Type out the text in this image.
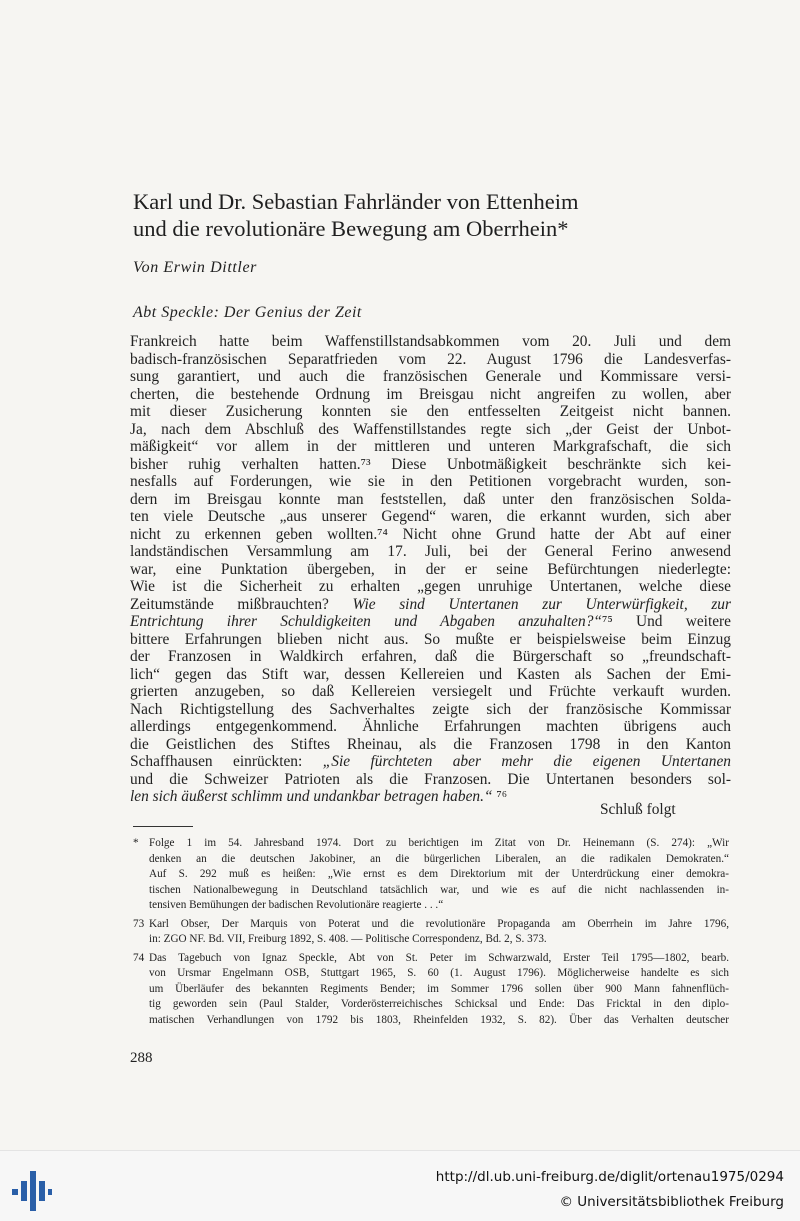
Karl und Dr. Sebastian Fahrländer von Ettenheim
und die revolutionäre Bewegung am Oberrhein*
Von Erwin Dittler
Abt Speckle: Der Genius der Zeit
Frankreich hatte beim Waffenstillstandsabkommen vom 20. Juli und dem
badisch-französischen Separatfrieden vom 22. August 1796 die Landesverfas-
sung garantiert, und auch die französischen Generale und Kommissare versi-
cherten, die bestehende Ordnung im Breisgau nicht angreifen zu wollen, aber
mit dieser Zusicherung konnten sie den entfesselten Zeitgeist nicht bannen.
Ja, nach dem Abschluß des Waffenstillstandes regte sich „der Geist der Unbot-
mäßigkeit“ vor allem in der mittleren und unteren Markgrafschaft, die sich
bisher ruhig verhalten hatten.⁷³ Diese Unbotmäßigkeit beschränkte sich kei-
nesfalls auf Forderungen, wie sie in den Petitionen vorgebracht wurden, son-
dern im Breisgau konnte man feststellen, daß unter den französischen Solda-
ten viele Deutsche „aus unserer Gegend“ waren, die erkannt wurden, sich aber
nicht zu erkennen geben wollten.⁷⁴ Nicht ohne Grund hatte der Abt auf einer
landständischen Versammlung am 17. Juli, bei der General Ferino anwesend
war, eine Punktation übergeben, in der er seine Befürchtungen niederlegte:
Wie ist die Sicherheit zu erhalten „gegen unruhige Untertanen, welche diese
Zeitumstände mißbrauchten? Wie sind Untertanen zur Unterwürfigkeit, zur
Entrichtung ihrer Schuldigkeiten und Abgaben anzuhalten?“⁷⁵ Und weitere
bittere Erfahrungen blieben nicht aus. So mußte er beispielsweise beim Einzug
der Franzosen in Waldkirch erfahren, daß die Bürgerschaft so „freundschaft-
lich“ gegen das Stift war, dessen Kellereien und Kasten als Sachen der Emi-
grierten anzugeben, so daß Kellereien versiegelt und Früchte verkauft wurden.
Nach Richtigstellung des Sachverhaltes zeigte sich der französische Kommissar
allerdings entgegenkommend. Ähnliche Erfahrungen machten übrigens auch
die Geistlichen des Stiftes Rheinau, als die Franzosen 1798 in den Kanton
Schaffhausen einrückten: „Sie fürchteten aber mehr die eigenen Untertanen
und die Schweizer Patrioten als die Franzosen. Die Untertanen besonders sol-
len sich äußerst schlimm und undankbar betragen haben.“ ⁷⁶
Schluß folgt
* Folge 1 im 54. Jahresband 1974. Dort zu berichtigen im Zitat von Dr. Heinemann (S. 274): „Wir
denken an die deutschen Jakobiner, an die bürgerlichen Liberalen, an die radikalen Demokraten.“
Auf S. 292 muß es heißen: „Wie ernst es dem Direktorium mit der Unterdrückung einer demokra-
tischen Nationalbewegung in Deutschland tatsächlich war, und wie es auf die nicht nachlassenden in-
tensiven Bemühungen der badischen Revolutionäre reagierte . . .“
73 Karl Obser, Der Marquis von Poterat und die revolutionäre Propaganda am Oberrhein im Jahre 1796,
in: ZGO NF. Bd. VII, Freiburg 1892, S. 408. — Politische Correspondenz, Bd. 2, S. 373.
74 Das Tagebuch von Ignaz Speckle, Abt von St. Peter im Schwarzwald, Erster Teil 1795—1802, bearb.
von Ursmar Engelmann OSB, Stuttgart 1965, S. 60 (1. August 1796). Möglicherweise handelte es sich
um Überläufer des bekannten Regiments Bender; im Sommer 1796 sollen über 900 Mann fahnenflüch-
tig geworden sein (Paul Stalder, Vorderösterreichisches Schicksal und Ende: Das Fricktal in den diplo-
matischen Verhandlungen von 1792 bis 1803, Rheinfelden 1932, S. 82). Über das Verhalten deutscher
288
http://dl.ub.uni-freiburg.de/diglit/ortenau1975/0294
© Universitätsbibliothek Freiburg
